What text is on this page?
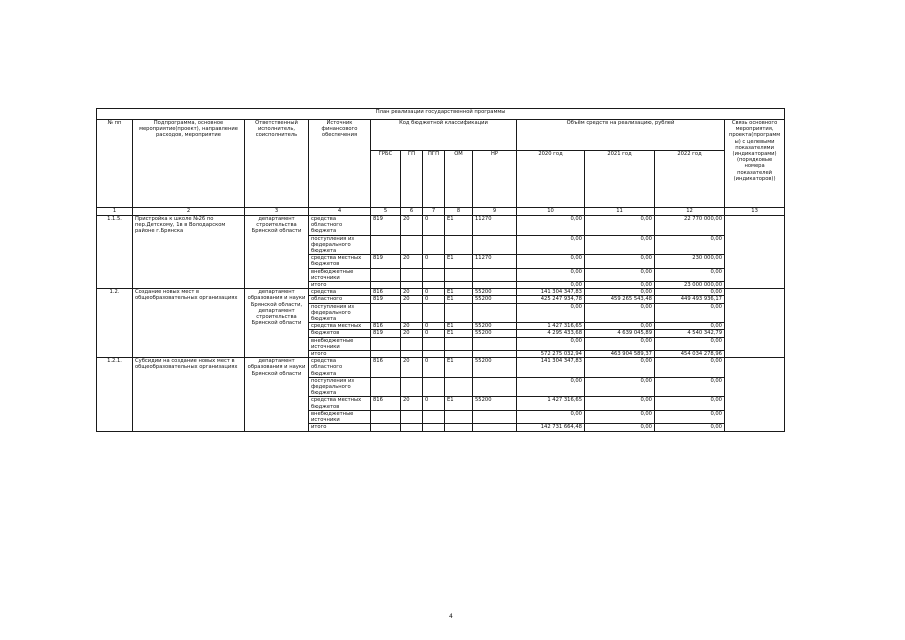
План реализации государственной программы												
№ пп	Подпрограмма, основное мероприятие(проект), направление расходов, мероприятие	Ответственный исполнитель, соисполнитель	Источник финансового обеспечения	Код бюджетной классификации					Объём средств на реализацию, рублей			Связь основного мероприятия, проекта(программы) с целевыми показателями (индикаторами) (порядковые номера показателей (индикаторов))
				ГРБС	ГП	ПГП	ОМ	НР	2020 год	2021 год	2022 год	
1	2	3	4	5	6	7	8	9	10	11	12	13
1.1.5.	Пристройка к школе №26 по пер.Детскому, 1в в Володарском районе г.Брянска	департамент строительства Брянской области	средства областного бюджета	819	20	0	Е1	11270	0,00	0,00	22 770 000,00	
			поступления из федерального бюджета						0,00	0,00	0,00	
			средства местных бюджетов	819	20	0	Е1	11270	0,00	0,00	230 000,00	
			внебюджетные источники						0,00	0,00	0,00	
			итого						0,00	0,00	23 000 000,00	
1.2.	Создание новых мест в общеобразовательных организациях	департамент образования и науки Брянской области, департамент строительства Брянской области	средства	816	20	0	Е1	55200	141 304 347,83	0,00	0,00	
			областного	819	20	0	Е1	55200	425 247 934,78	459 265 543,48	449 493 936,17	
			поступления из федерального бюджета						0,00	0,00	0,00	
			средства местных	816	20	0	Е1	55200	1 427 316,65	0,00	0,00	
			бюджетов	819	20	0	Е1	55200	4 295 433,68	4 639 045,89	4 540 342,79	
			внебюджетные источники						0,00	0,00	0,00	
			итого						572 275 032,94	463 904 589,37	454 034 278,96	
1.2.1.	Субсидии на создание новых мест в общеобразовательных организациях	департамент образования и науки Брянской области	средства областного бюджета	816	20	0	Е1	55200	141 304 347,83	0,00	0,00	
			поступления из федерального бюджета						0,00	0,00	0,00	
			средства местных бюджетов	816	20	0	Е1	55200	1 427 316,65	0,00	0,00	
			внебюджетные источники						0,00	0,00	0,00	
			итого						142 731 664,48	0,00	0,00	
4
